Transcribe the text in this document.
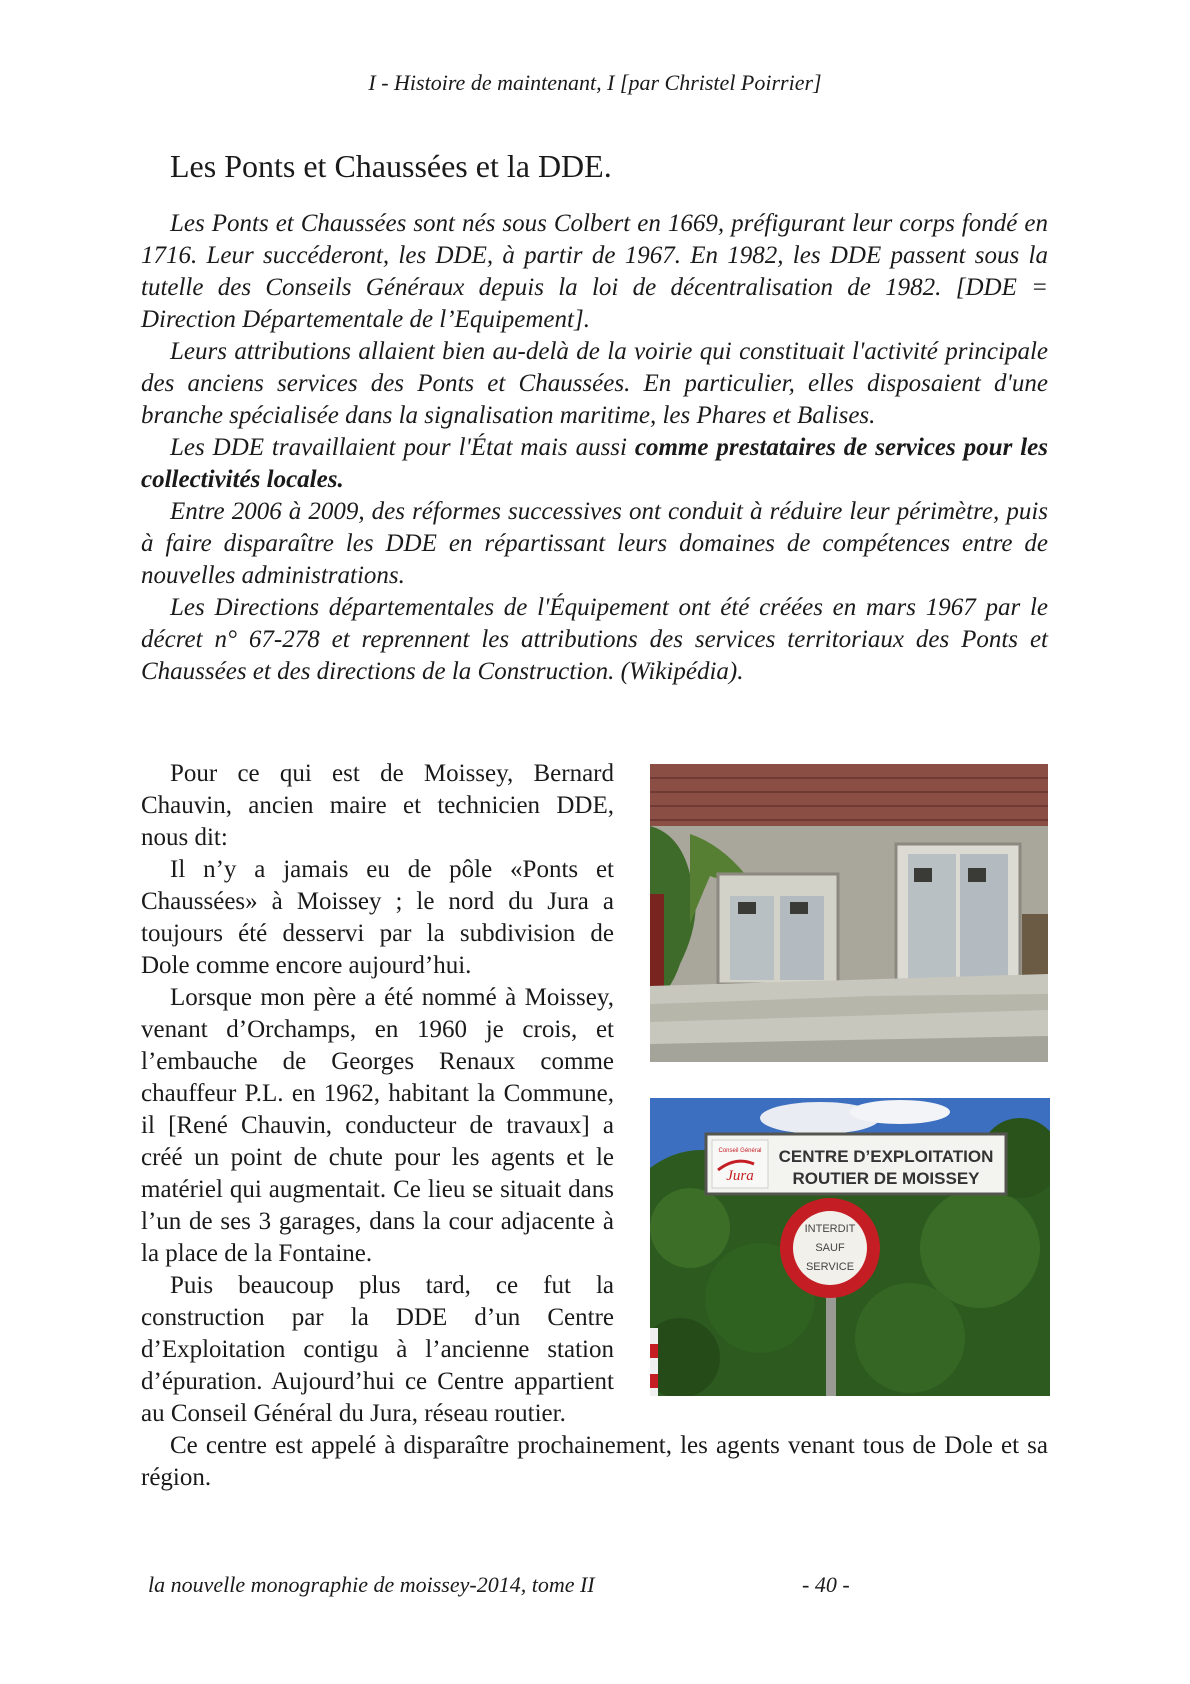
I - Histoire de maintenant, I [par Christel Poirrier]
Les Ponts et Chaussées et la DDE.

Les Ponts et Chaussées sont nés sous Colbert en 1669, préfigurant leur corps fondé en 1716. Leur succéderont, les DDE, à partir de 1967. En 1982, les DDE passent sous la tutelle des Conseils Généraux depuis la loi de décentralisation de 1982. [DDE = Direction Départementale de l’Equipement].

Leurs attributions allaient bien au-delà de la voirie qui constituait l'activité principale des anciens services des Ponts et Chaussées. En particulier, elles disposaient d'une branche spécialisée dans la signalisation maritime, les Phares et Balises.

Les DDE travaillaient pour l'État mais aussi comme prestataires de services pour les collectivités locales.

Entre 2006 à 2009, des réformes successives ont conduit à réduire leur périmètre, puis à faire disparaître les DDE en répartissant leurs domaines de compétences entre de nouvelles administrations.

Les Directions départementales de l'Équipement ont été créées en mars 1967 par le décret n° 67-278 et reprennent les attributions des services territoriaux des Ponts et Chaussées et des directions de la Construction. (Wikipédia).

Conseil Général
Jura
CENTRE D’EXPLOITATION
ROUTIER DE MOISSEY
INTERDIT
SAUF
SERVICE

Pour ce qui est de Moissey, Bernard Chauvin, ancien maire et technicien DDE, nous dit:

Il n’y a jamais eu de pôle «Ponts et Chaussées» à Moissey ; le nord du Jura a toujours été desservi par la subdivision de Dole comme encore aujourd’hui.

Lorsque mon père a été nommé à Moissey, venant d’Orchamps, en 1960 je crois, et l’embauche de Georges Renaux comme chauffeur P.L. en 1962, habitant la Commune, il [René Chauvin, conducteur de travaux] a créé un point de chute pour les agents et le matériel qui augmentait. Ce lieu se situait dans l’un de ses 3 garages, dans la cour adjacente à la place de la Fontaine.

Puis beaucoup plus tard, ce fut la construction par la DDE d’un Centre d’Exploitation contigu à l’ancienne station d’épuration. Aujourd’hui ce Centre appartient au Conseil Général du Jura, réseau routier.

Ce centre est appelé à disparaître prochainement, les agents venant tous de Dole et sa région.

la nouvelle monographie de moissey-2014, tome II	- 40 -
